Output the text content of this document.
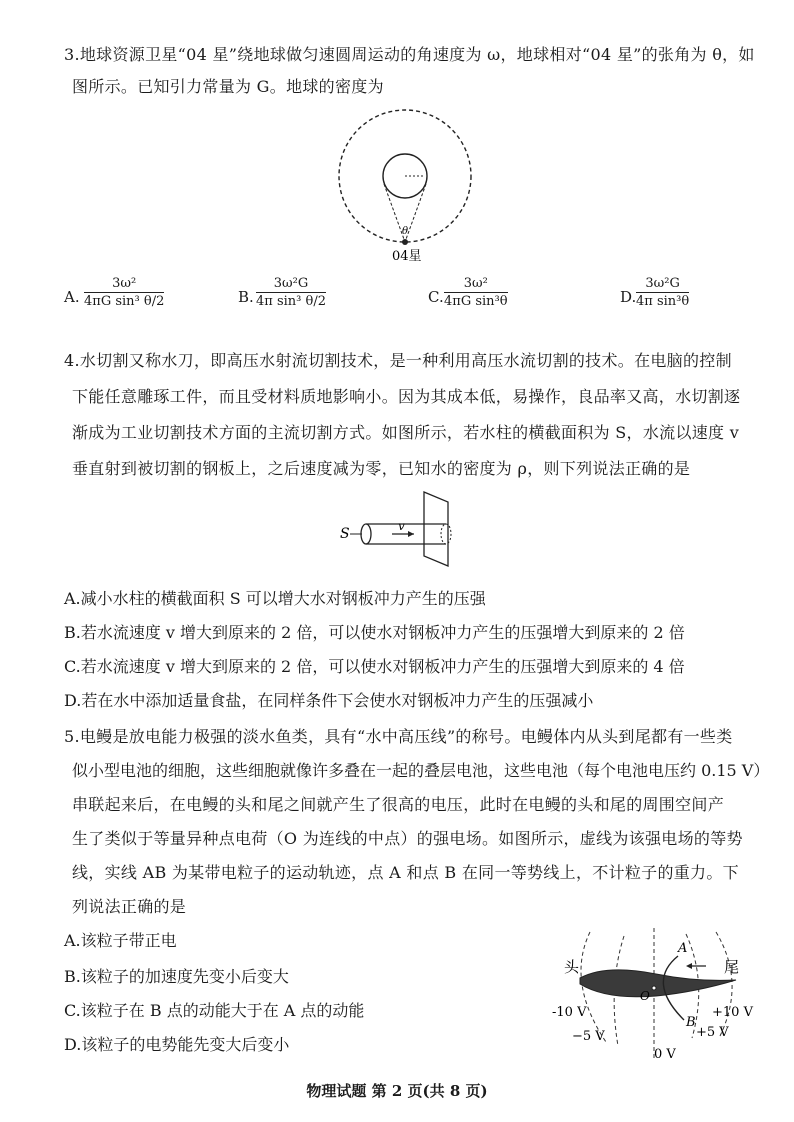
3.地球资源卫星“04 星”绕地球做匀速圆周运动的角速度为 ω，地球相对“04 星”的张角为 θ，如
图所示。已知引力常量为 G。地球的密度为
θ
04星
A. $\frac{\text{3ω²}}{\text{4πG sin³ θ/2}}$	B. $\frac{\text{3ω²G}}{\text{4π sin³ θ/2}}$	C. $\frac{\text{3ω²}}{\text{4πG sin³θ}}$	D. $\frac{\text{3ω²G}}{\text{4π sin³θ}}$
4.水切割又称水刀，即高压水射流切割技术，是一种利用高压水流切割的技术。在电脑的控制
下能任意雕琢工件，而且受材料质地影响小。因为其成本低，易操作，良品率又高，水切割逐
渐成为工业切割技术方面的主流切割方式。如图所示，若水柱的横截面积为 S，水流以速度 v
垂直射到被切割的钢板上，之后速度减为零，已知水的密度为 ρ，则下列说法正确的是
S	v
A.减小水柱的横截面积 S 可以增大水对钢板冲力产生的压强
B.若水流速度 v 增大到原来的 2 倍，可以使水对钢板冲力产生的压强增大到原来的 2 倍
C.若水流速度 v 增大到原来的 2 倍，可以使水对钢板冲力产生的压强增大到原来的 4 倍
D.若在水中添加适量食盐，在同样条件下会使水对钢板冲力产生的压强减小
5.电鳗是放电能力极强的淡水鱼类，具有“水中高压线”的称号。电鳗体内从头到尾都有一些类
似小型电池的细胞，这些细胞就像许多叠在一起的叠层电池，这些电池（每个电池电压约 0.15 V）
串联起来后，在电鳗的头和尾之间就产生了很高的电压，此时在电鳗的头和尾的周围空间产
生了类似于等量异种点电荷（O 为连线的中点）的强电场。如图所示，虚线为该强电场的等势
线，实线 AB 为某带电粒子的运动轨迹，点 A 和点 B 在同一等势线上，不计粒子的重力。下
列说法正确的是
A.该粒子带正电
B.该粒子的加速度先变小后变大
C.该粒子在 B 点的动能大于在 A 点的动能
D.该粒子的电势能先变大后变小
头	尾
A
B
O
-10 V
−5 V
0 V
+5 V
+10 V
物理试题 第 2 页(共 8 页)
